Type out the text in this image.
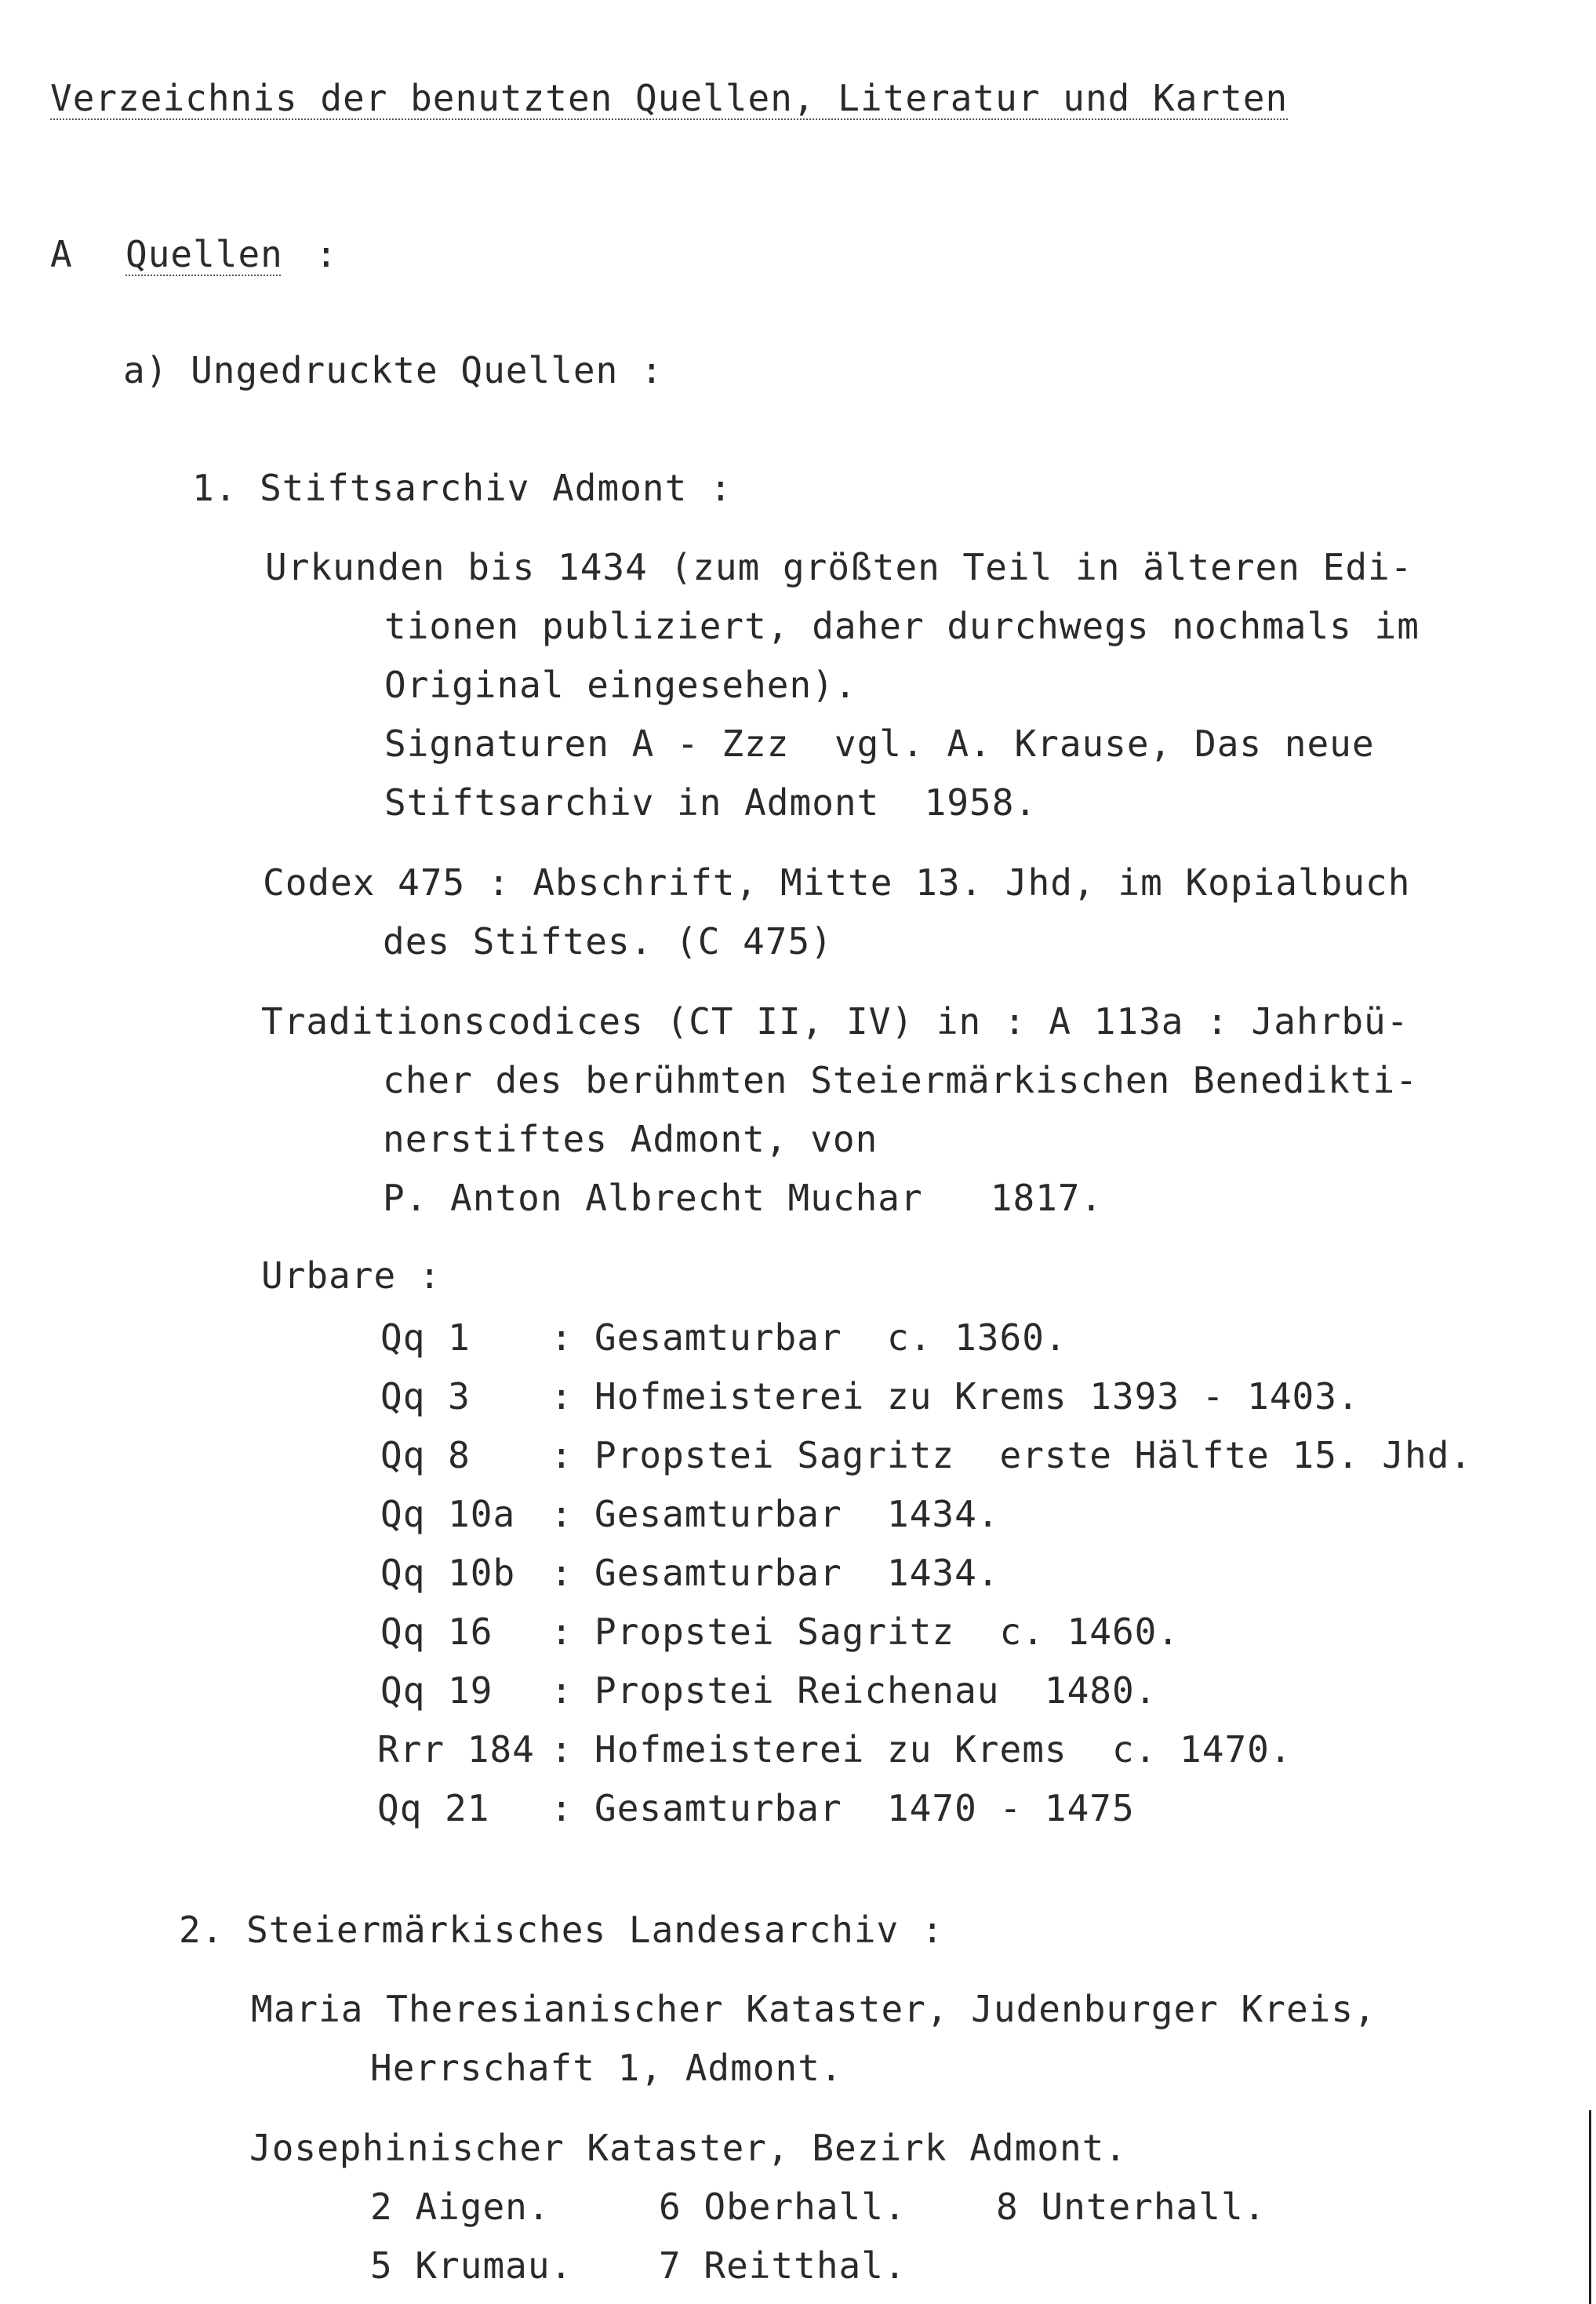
Verzeichnis der benutzten Quellen, Literatur und Karten
A Quellen :
a) Ungedruckte Quellen :
1. Stiftsarchiv Admont :
Urkunden bis 1434 (zum größten Teil in älteren Edi-
tionen publiziert, daher durchwegs nochmals im
Original eingesehen).
Signaturen A - Zzz  vgl. A. Krause, Das neue
Stiftsarchiv in Admont  1958.
Codex 475 : Abschrift, Mitte 13. Jhd, im Kopialbuch
des Stiftes. (C 475)
Traditionscodices (CT II, IV) in : A 113a : Jahrbü-
cher des berühmten Steiermärkischen Benedikti-
nerstiftes Admont, von
P. Anton Albrecht Muchar   1817.
Urbare :
Qq 1 : Gesamturbar  c. 1360.
Qq 3 : Hofmeisterei zu Krems 1393 - 1403.
Qq 8 : Propstei Sagritz  erste Hälfte 15. Jhd.
Qq 10a : Gesamturbar  1434.
Qq 10b : Gesamturbar  1434.
Qq 16 : Propstei Sagritz  c. 1460.
Qq 19 : Propstei Reichenau  1480.
Rrr 184 : Hofmeisterei zu Krems  c. 1470.
Qq 21 : Gesamturbar  1470 - 1475
2. Steiermärkisches Landesarchiv :
Maria Theresianischer Kataster, Judenburger Kreis,
Herrschaft 1, Admont.
Josephinischer Kataster, Bezirk Admont.
2 Aigen.	6 Oberhall. 8 Unterhall.
5 Krumau. 7 Reitthal.
